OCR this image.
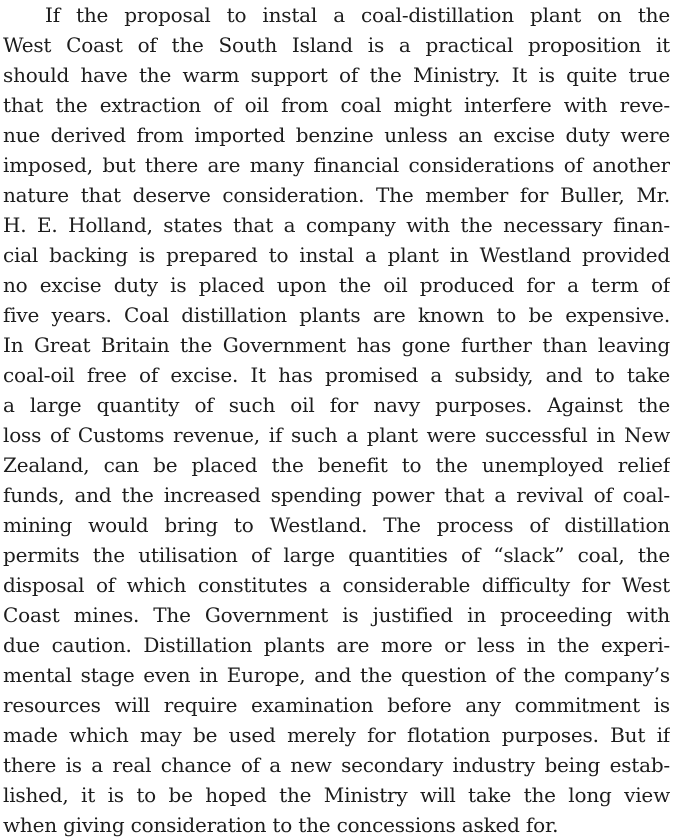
If the proposal to instal a coal-distillation plant on the
West Coast of the South Island is a practical proposition it
should have the warm support of the Ministry. It is quite true
that the extraction of oil from coal might interfere with reve-
nue derived from imported benzine unless an excise duty were
imposed, but there are many financial considerations of another
nature that deserve consideration. The member for Buller, Mr.
H. E. Holland, states that a company with the necessary finan-
cial backing is prepared to instal a plant in Westland provided
no excise duty is placed upon the oil produced for a term of
five years. Coal distillation plants are known to be expensive.
In Great Britain the Government has gone further than leaving
coal-oil free of excise. It has promised a subsidy, and to take
a large quantity of such oil for navy purposes. Against the
loss of Customs revenue, if such a plant were successful in New
Zealand, can be placed the benefit to the unemployed relief
funds, and the increased spending power that a revival of coal-
mining would bring to Westland. The process of distillation
permits the utilisation of large quantities of “slack” coal, the
disposal of which constitutes a considerable difficulty for West
Coast mines. The Government is justified in proceeding with
due caution. Distillation plants are more or less in the experi-
mental stage even in Europe, and the question of the company’s
resources will require examination before any commitment is
made which may be used merely for flotation purposes. But if
there is a real chance of a new secondary industry being estab-
lished, it is to be hoped the Ministry will take the long view
when giving consideration to the concessions asked for.
